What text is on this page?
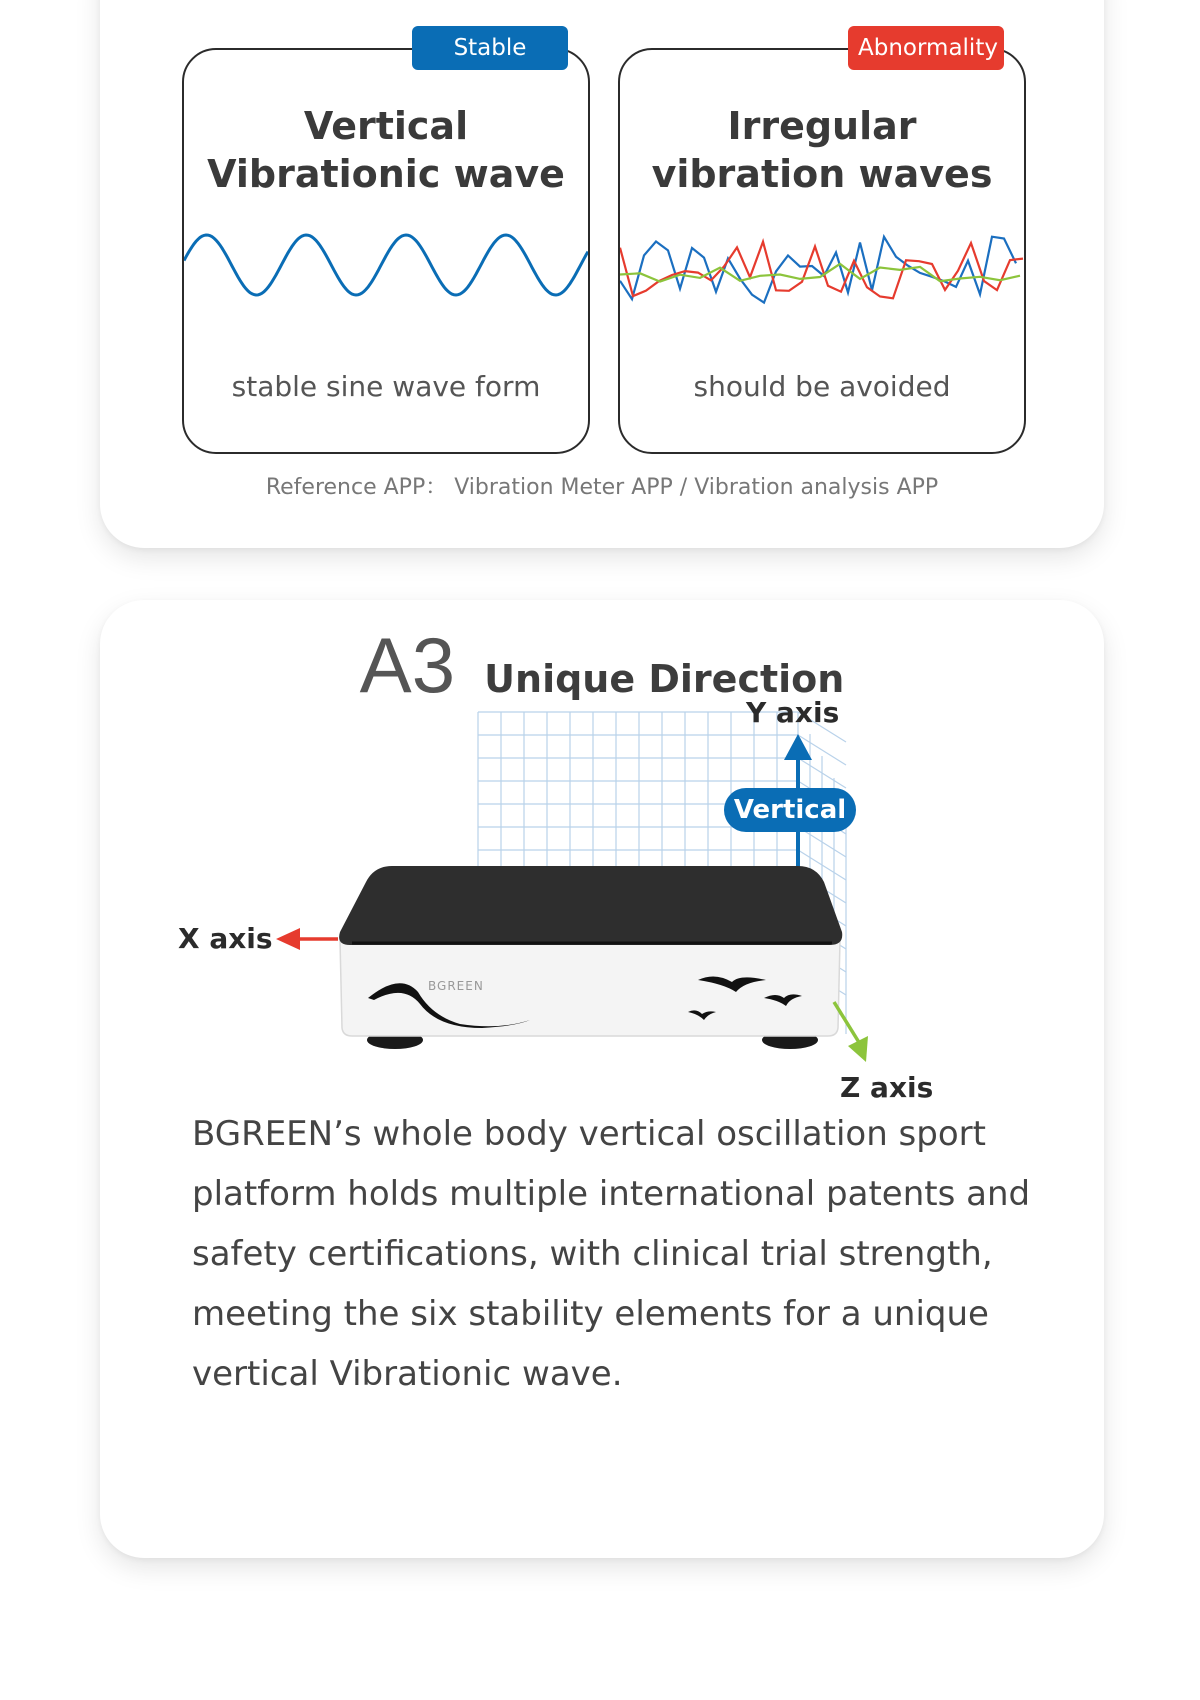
Stable
Vertical
Vibrationic wave
stable sine wave form
Abnormality
Irregular
vibration waves
should be avoided
Reference APP： Vibration Meter APP / Vibration analysis APP
A3 Unique Direction
BGREEN
Vertical
Y axis
X axis
Z axis

BGREEN’s whole body vertical oscillation sport platform holds multiple international patents and safety certifications, with clinical trial strength, meeting the six stability elements for a unique vertical Vibrationic wave.
